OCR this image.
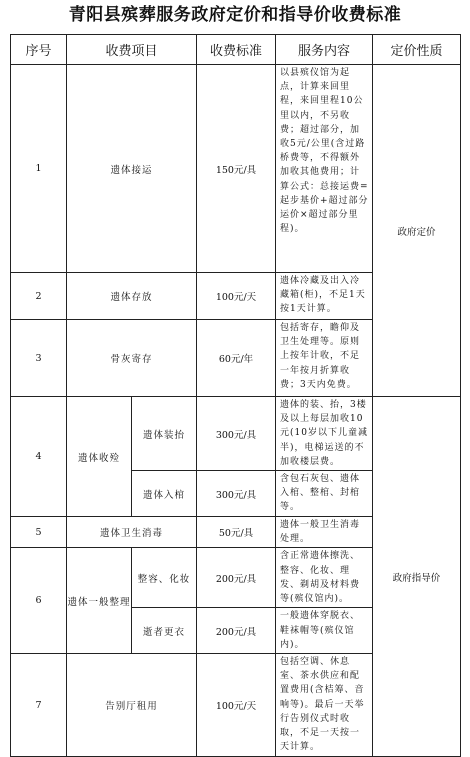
青阳县殡葬服务政府定价和指导价收费标准
序号	收费项目		收费标准	服务内容	定价性质
1	遗体接运		150元/具	以县殡仪馆为起点，计算来回里程，来回里程10公里以内，不另收费；超过部分，加收5元/公里(含过路桥费等，不得额外加收其他费用；计算公式：总接运费=起步基价+超过部分运价×超过部分里程)。	政府定价
2	遗体存放		100元/天	遗体冷藏及出入冷藏箱(柜)，不足1天按1天计算。	

3	骨灰寄存		60元/年	包括寄存，瞻仰及卫生处理等。原则上按年计收，不足一年按月折算收费；3天内免费。	

4	遗体收殓	遗体装抬	300元/具	遗体的装、抬，3楼及以上每层加收10元(10岁以下儿童减半)，电梯运送的不加收楼层费。	政府指导价
		遗体入棺	300元/具	含包石灰包、遗体入棺、整棺、封棺等。	

5	遗体卫生消毒		50元/具	遗体一般卫生消毒处理。	

6	遗体一般整理	整容、化妆	200元/具	含正常遗体擦洗、整容、化妆、理发、剃胡及材料费等(殡仪馆内)。	

		逝者更衣	200元/具	一般遗体穿脱衣、鞋袜帽等(殡仪馆内)。	

7	告别厅租用		100元/天	包括空调、休息室、茶水供应和配置费用(含桔筹、音响等)。最后一天举行告别仪式时收取，不足一天按一天计算。	
